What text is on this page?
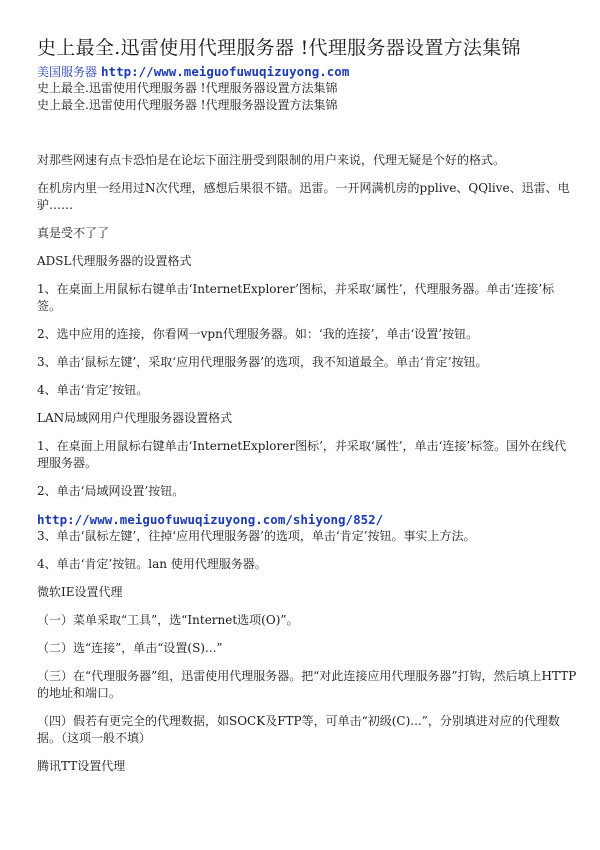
史上最全.迅雷使用代理服务器 !代理服务器设置方法集锦

美国服务器 http://www.meiguofuwuqizuyong.com

史上最全.迅雷使用代理服务器 !代理服务器设置方法集锦

史上最全.迅雷使用代理服务器 !代理服务器设置方法集锦

对那些网速有点卡恐怕是在论坛下面注册受到限制的用户来说，代理无疑是个好的格式。

在机房内里一经用过N次代理，感想后果很不错。迅雷。一开网满机房的pplive、QQlive、迅雷、电驴……

真是受不了了

ADSL代理服务器的设置格式

1、在桌面上用鼠标右键单击‘InternetExplorer’图标，并采取‘属性’，代理服务器。单击‘连接’标签。

2、选中应用的连接，你看网一vpn代理服务器。如：‘我的连接’，单击‘设置’按钮。

3、单击‘鼠标左键’，采取‘应用代理服务器’的选项，我不知道最全。单击‘肯定’按钮。

4、单击‘肯定’按钮。

LAN局域网用户代理服务器设置格式

1、在桌面上用鼠标右键单击‘InternetExplorer图标’，并采取‘属性’，单击‘连接’标签。国外在线代理服务器。

2、单击‘局域网设置’按钮。

http://www.meiguofuwuqizuyong.com/shiyong/852/

3、单击‘鼠标左键’，往掉‘应用代理服务器’的选项，单击‘肯定’按钮。事实上方法。

4、单击‘肯定’按钮。lan 使用代理服务器。

微软IE设置代理

（一）菜单采取“工具”，选“Internet选项(O)”。

（二）选“连接”，单击“设置(S)...”

（三）在“代理服务器”组，迅雷使用代理服务器。把“对此连接应用代理服务器”打钩，然后填上HTTP的地址和端口。

（四）假若有更完全的代理数据，如SOCK及FTP等，可单击“初级(C)...”，分别填进对应的代理数据。（这项一般不填）

腾讯TT设置代理
